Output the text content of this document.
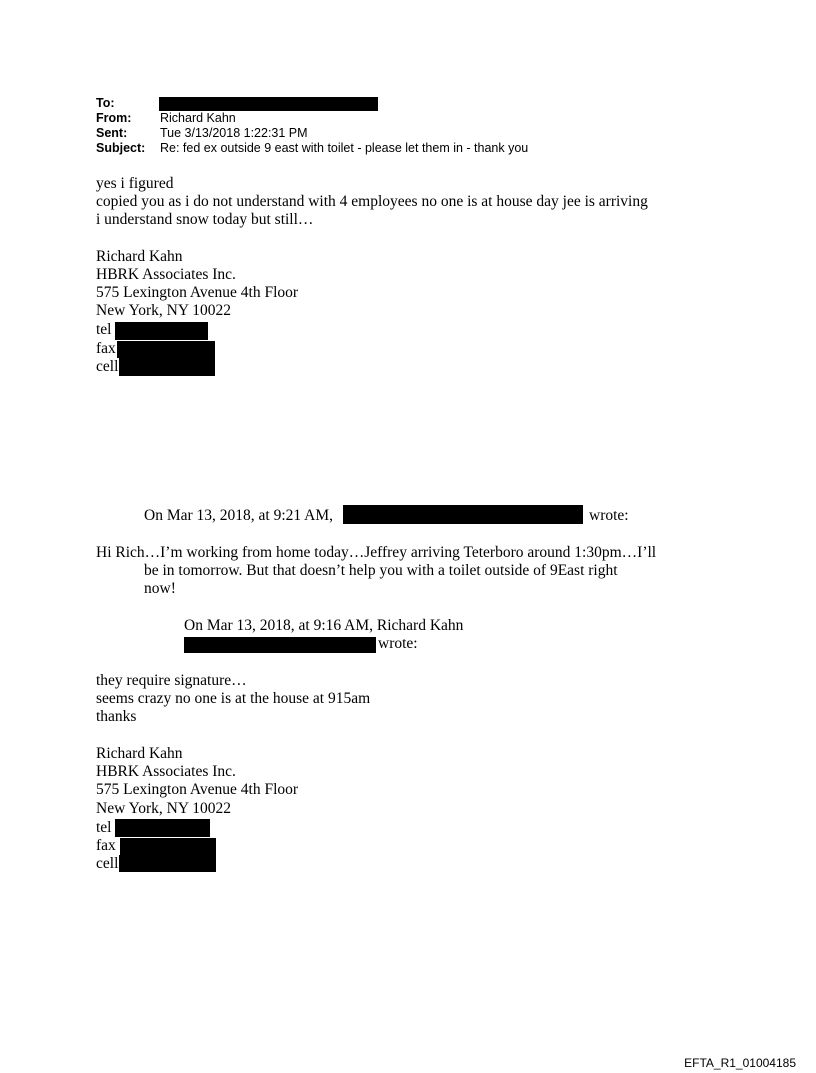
To:
From: Richard Kahn
Sent:	Tue 3/13/2018 1:22:31 PM
Subject: Re: fed ex outside 9 east with toilet - please let them in - thank you
yes i figured
copied you as i do not understand with 4 employees no one is at house day jee is arriving
i understand snow today but still…
Richard Kahn
HBRK Associates Inc.
575 Lexington Avenue 4th Floor
New York, NY 10022
tel
fax
cell
On Mar 13, 2018, at 9:21 AM,	wrote:
Hi Rich…I’m working from home today…Jeffrey arriving Teterboro around 1:30pm…I’ll
be in tomorrow. But that doesn’t help you with a toilet outside of 9East right
now!
On Mar 13, 2018, at 9:16 AM, Richard Kahn
wrote:
they require signature…
seems crazy no one is at the house at 915am
thanks
Richard Kahn
HBRK Associates Inc.
575 Lexington Avenue 4th Floor
New York, NY 10022
tel
fax
cell
EFTA_R1_01004185
